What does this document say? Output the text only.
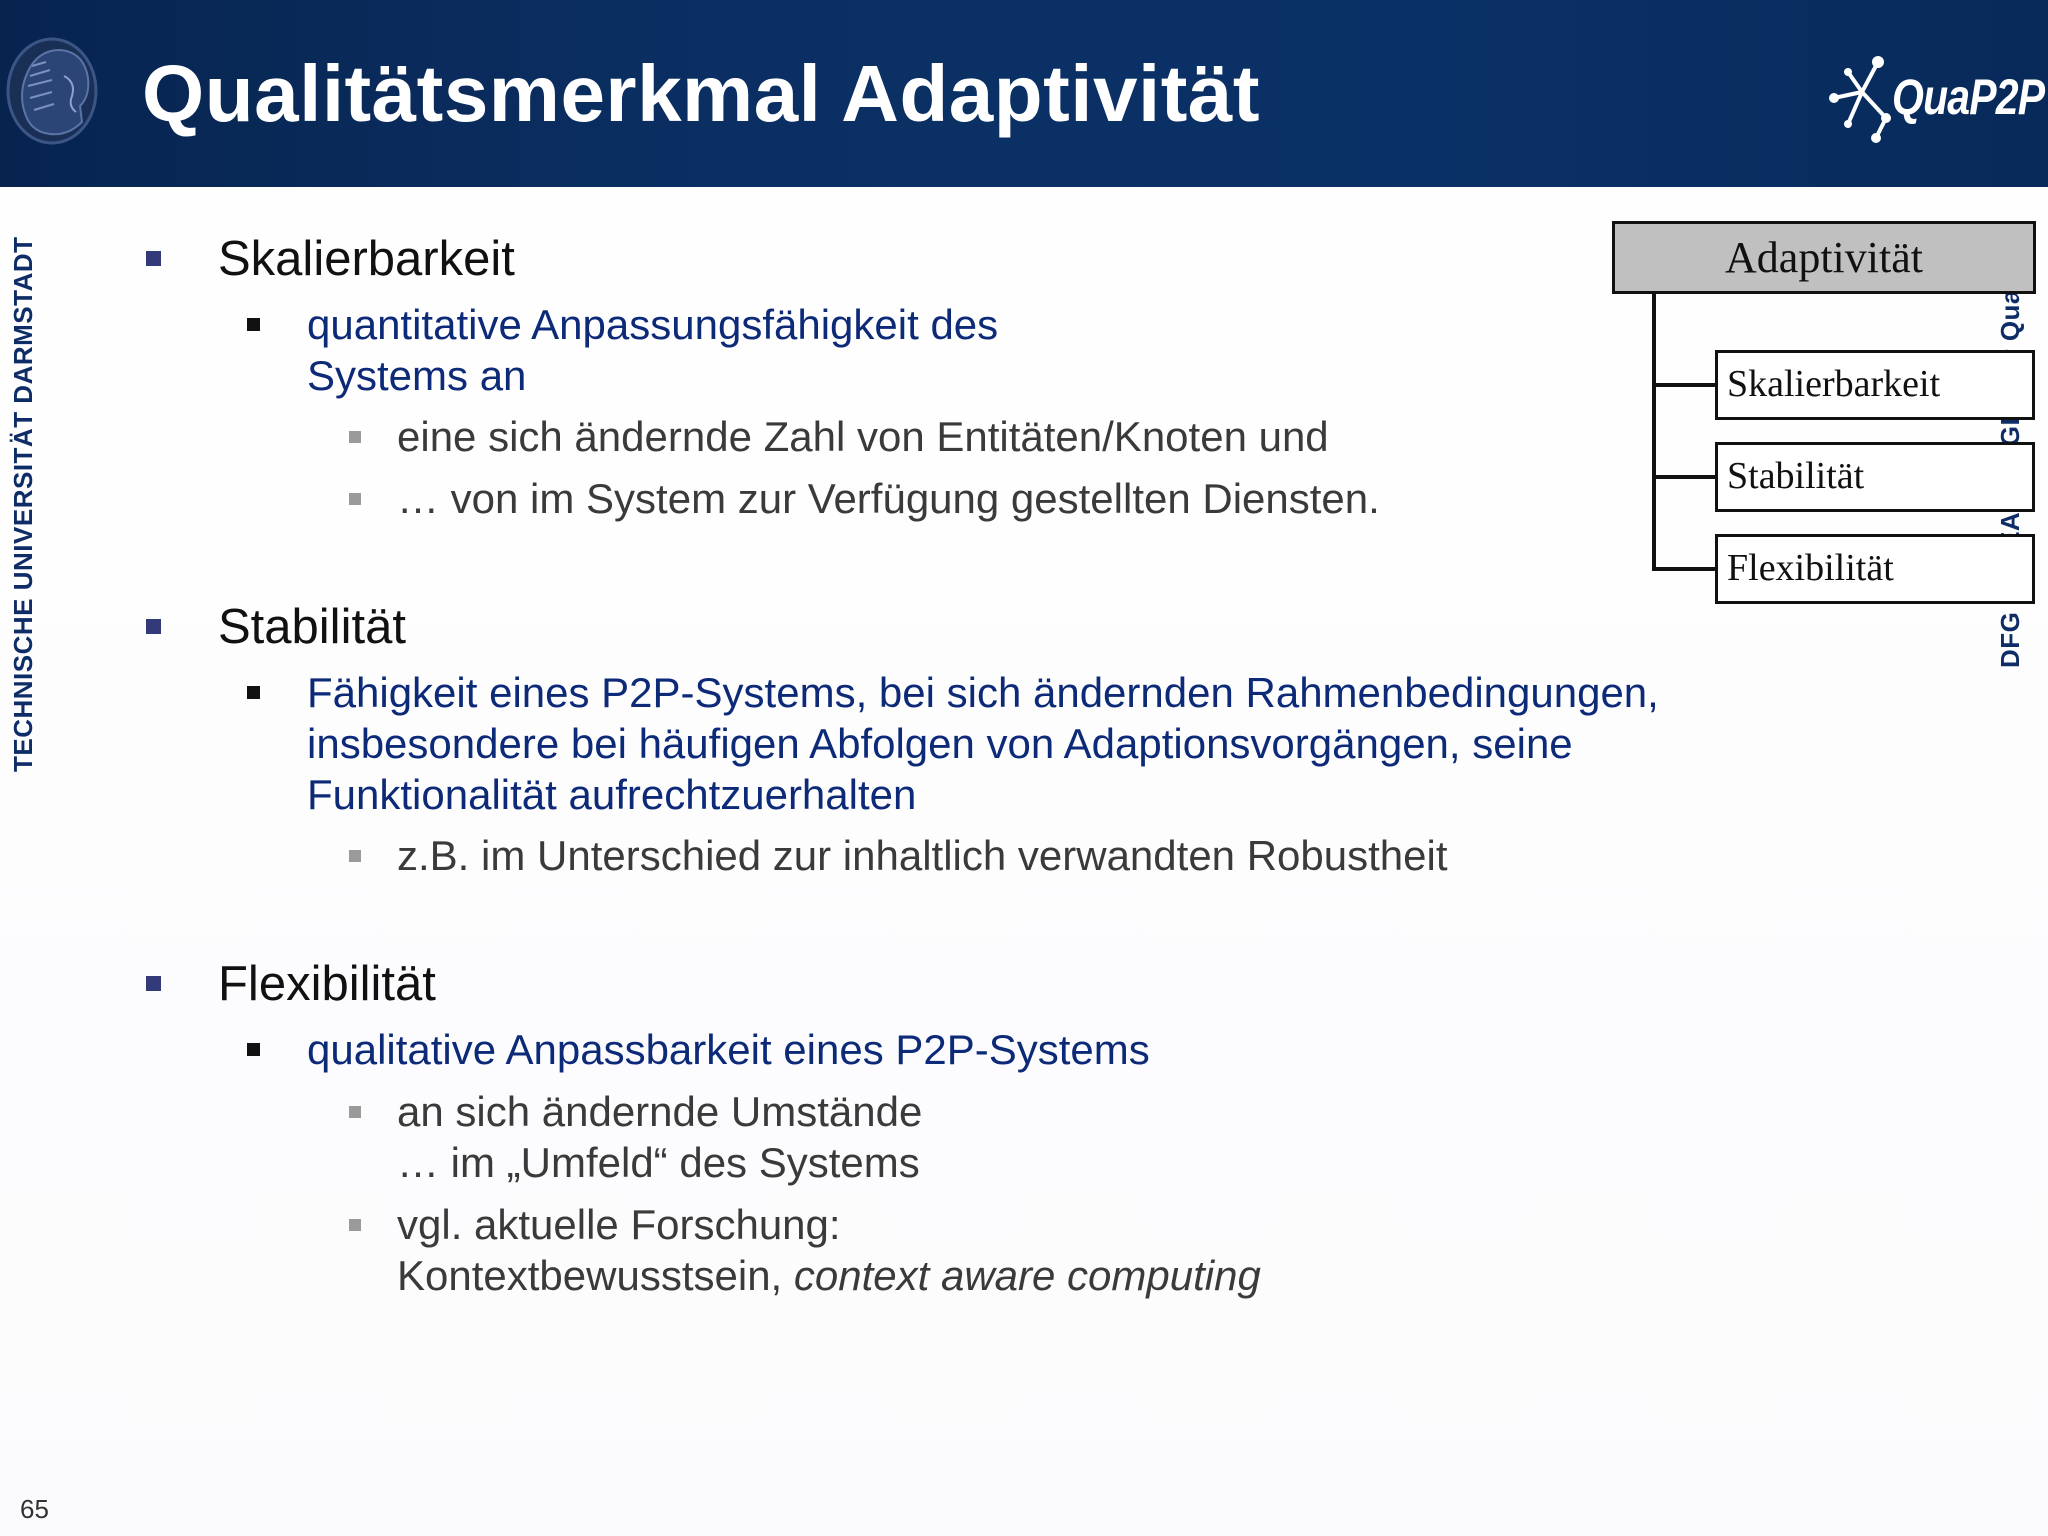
Qualitätsmerkmal Adaptivität	QuaP2P
TECHNISCHE UNIVERSITÄT DARMSTADT	Adaptivität
Skalierbarkeit
Stabilität
Flexibilität
Skalierbarkeit
quantitative Anpassungsfähigkeit des
Systems an
eine sich ändernde Zahl von Entitäten/Knoten und
… von im System zur Verfügung gestellten Diensten.
Stabilität
Fähigkeit eines P2P-Systems, bei sich ändernden Rahmenbedingungen,
insbesondere bei häufigen Abfolgen von Adaptionsvorgängen, seine
Funktionalität aufrechtzuerhalten
z.B. im Unterschied zur inhaltlich verwandten Robustheit
Flexibilität
qualitative Anpassbarkeit eines P2P-Systems
an sich ändernde Umstände
… im „Umfeld“ des Systems
vgl. aktuelle Forschung:
Kontextbewusstsein, context aware computing
65
